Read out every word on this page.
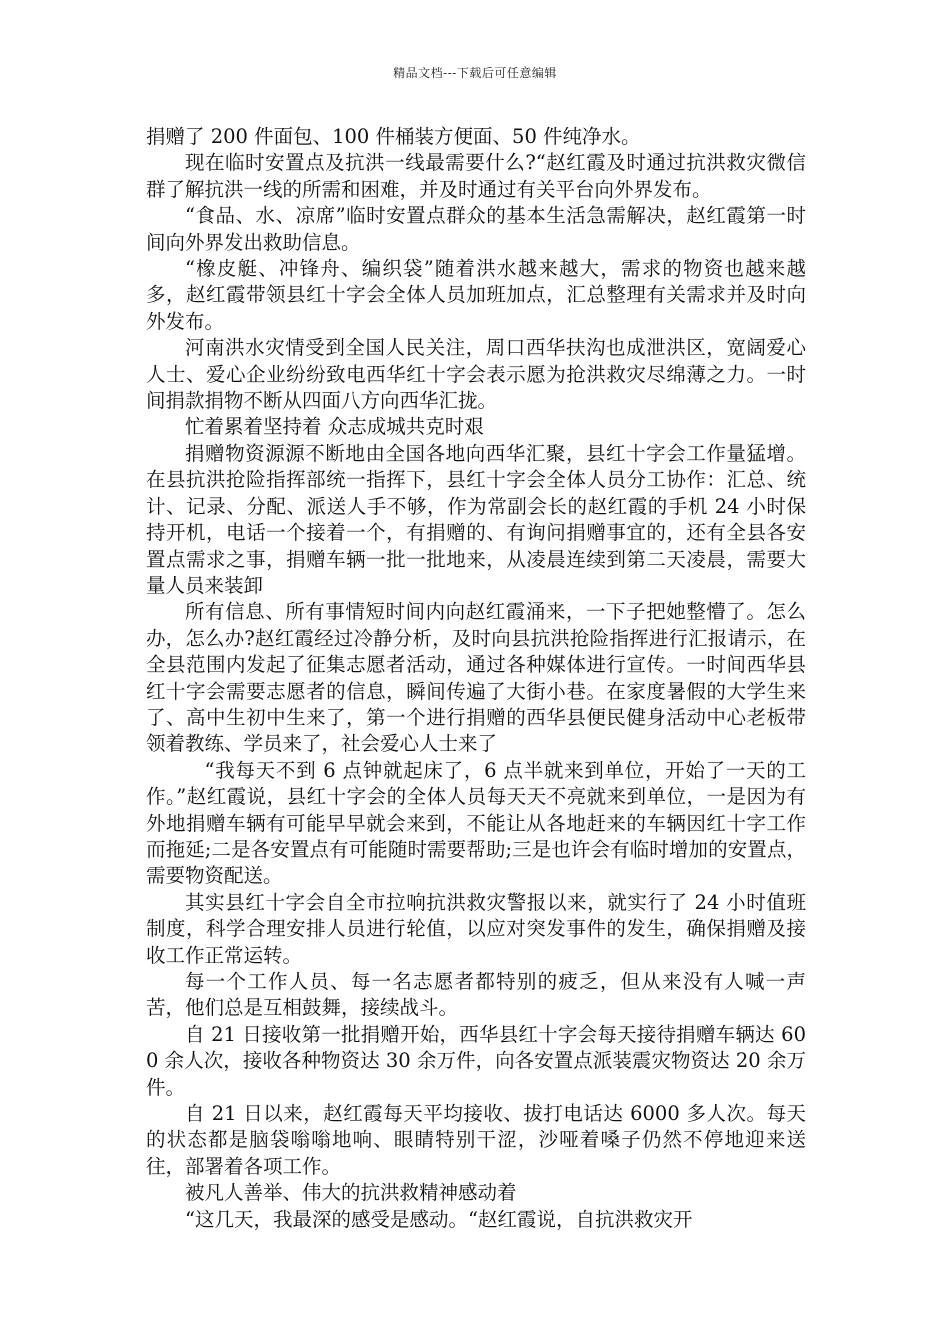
精品文档---下载后可任意编辑

捐赠了 200 件面包、100 件桶装方便面、50 件纯净水。

现在临时安置点及抗洪一线最需要什么?“赵红霞及时通过抗洪救灾微信群了解抗洪一线的所需和困难，并及时通过有关平台向外界发布。

“食品、水、凉席”临时安置点群众的基本生活急需解决，赵红霞第一时间向外界发出救助信息。

“橡皮艇、冲锋舟、编织袋”随着洪水越来越大，需求的物资也越来越多，赵红霞带领县红十字会全体人员加班加点，汇总整理有关需求并及时向外发布。

河南洪水灾情受到全国人民关注，周口西华扶沟也成泄洪区，宽阔爱心人士、爱心企业纷纷致电西华红十字会表示愿为抢洪救灾尽绵薄之力。一时间捐款捐物不断从四面八方向西华汇拢。

忙着累着坚持着 众志成城共克时艰

捐赠物资源源不断地由全国各地向西华汇聚，县红十字会工作量猛增。在县抗洪抢险指挥部统一指挥下，县红十字会全体人员分工协作：汇总、统计、记录、分配、派送人手不够，作为常副会长的赵红霞的手机 24 小时保持开机，电话一个接着一个，有捐赠的、有询问捐赠事宜的，还有全县各安置点需求之事，捐赠车辆一批一批地来，从凌晨连续到第二天凌晨，需要大量人员来装卸

所有信息、所有事情短时间内向赵红霞涌来，一下子把她整懵了。怎么办，怎么办?赵红霞经过冷静分析，及时向县抗洪抢险指挥进行汇报请示，在全县范围内发起了征集志愿者活动，通过各种媒体进行宣传。一时间西华县红十字会需要志愿者的信息，瞬间传遍了大街小巷。在家度暑假的大学生来了、高中生初中生来了，第一个进行捐赠的西华县便民健身活动中心老板带领着教练、学员来了，社会爱心人士来了

“我每天不到 6 点钟就起床了，6 点半就来到单位，开始了一天的工作。”赵红霞说，县红十字会的全体人员每天天不亮就来到单位，一是因为有外地捐赠车辆有可能早早就会来到，不能让从各地赶来的车辆因红十字工作而拖延;二是各安置点有可能随时需要帮助;三是也许会有临时增加的安置点，需要物资配送。

其实县红十字会自全市拉响抗洪救灾警报以来，就实行了 24 小时值班制度，科学合理安排人员进行轮值，以应对突发事件的发生，确保捐赠及接收工作正常运转。

每一个工作人员、每一名志愿者都特别的疲乏，但从来没有人喊一声苦，他们总是互相鼓舞，接续战斗。

自 21 日接收第一批捐赠开始，西华县红十字会每天接待捐赠车辆达 600 余人次，接收各种物资达 30 余万件，向各安置点派装震灾物资达 20 余万件。

自 21 日以来，赵红霞每天平均接收、拔打电话达 6000 多人次。每天的状态都是脑袋嗡嗡地响、眼睛特别干涩，沙哑着嗓子仍然不停地迎来送往，部署着各项工作。

被凡人善举、伟大的抗洪救精神感动着

“这几天，我最深的感受是感动。“赵红霞说，自抗洪救灾开
